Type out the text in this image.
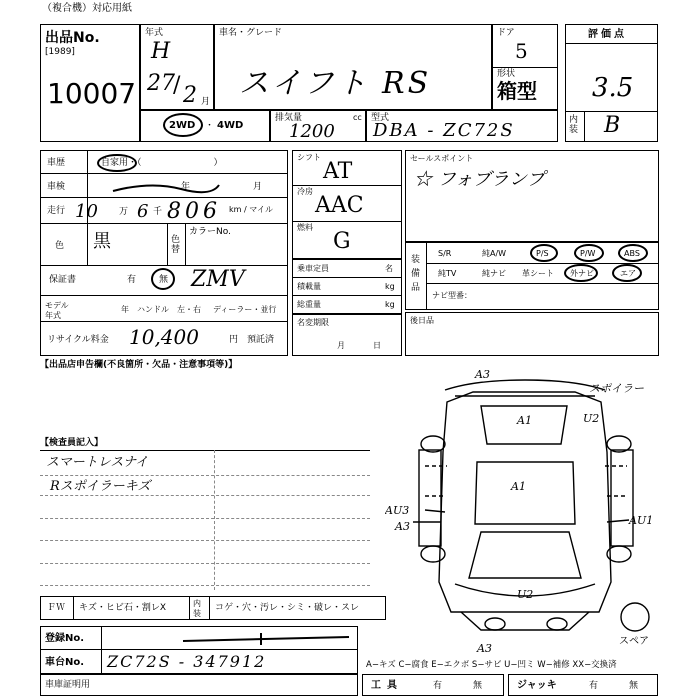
（複合機）対応用紙
出品No.
[1989]
10007
年式
H
27
/ 2 月
車名・グレード
スイフト RS
ドア
5
形状
箱型
評価点
3.5
内装 B
2WD ・ 4WD
排気量	cc
1200
型式
DBA - ZC72S
車歴	自家用・（　　　　　　　　）
車検	年	月
走行 10 万 6 千 806 km / マイル
色 黒	色替
カラーNo.
保証書	有	無 ZMV
モデル年式
年 ハンドル　左・右 ディーラー・並行
リサイクル料金 10,400	円　預託済
シフト
AT
冷房
AAC
燃料
G
乗車定員	名
積載量	kg
総重量	kg
名変期限
月日
セールスポイント
☆ フォブランプ
装備品
S/R	純A/W	P/S	P/W	ABS
純TV	純ナビ 革シート 外ナビ	エア
ナビ型番：
後日品
【出品店申告欄(不良箇所・欠品・注意事項等)】
【検査員記入】
スマートレスナイ
Rスポイラーキズ
ＦＷ キズ・ヒビ石・割レX	内装
コゲ・穴・汚レ・シミ・破レ・スレ
登録No.
車台No. ZC72S - 347912
車庫証明用
A−キズ C−腐食 E−エクボ S−サビ U−凹ミ W−補修 XX−交換済
工具	有	無	ジャッキ	有	無
A3
A1	U2
スポイラー
A1
AU3
A3	AU1
U2
A3
スペア
